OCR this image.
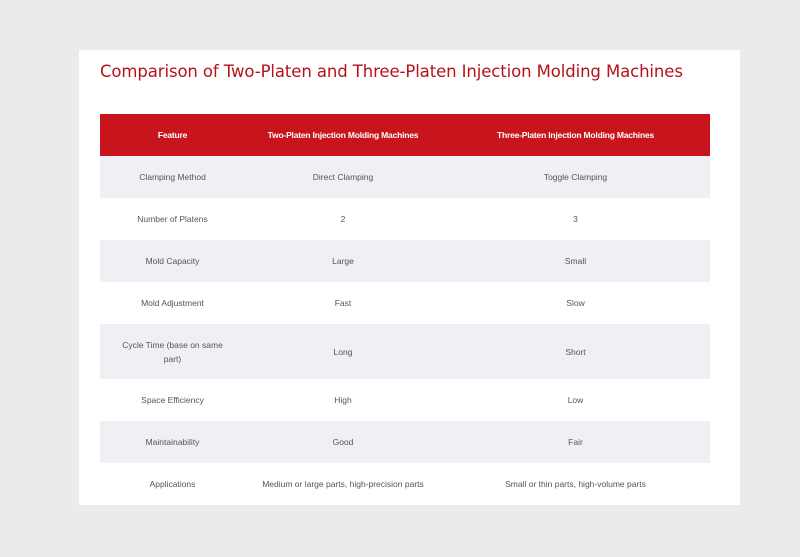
Comparison of Two-Platen and Three-Platen Injection Molding Machines
Feature	Two-Platen Injection Molding Machines	Three-Platen Injection Molding Machines
Clamping Method	Direct Clamping	Toggle Clamping
Number of Platens	2	3
Mold Capacity	Large	Small
Mold Adjustment	Fast	Slow
Cycle Time (base on same part)	Long	Short
Space Efficiency	High	Low
Maintainability	Good	Fair
Applications	Medium or large parts, high-precision parts	Small or thin parts, high-volume parts
